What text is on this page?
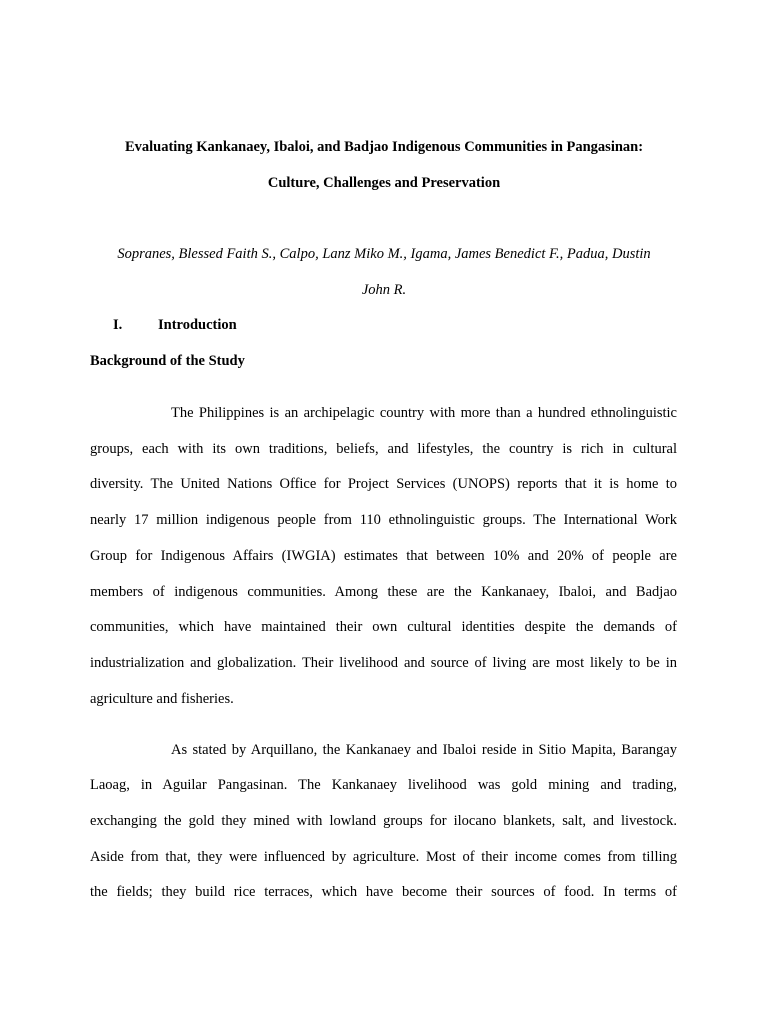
Evaluating Kankanaey, Ibaloi, and Badjao Indigenous Communities in Pangasinan:
Culture, Challenges and Preservation
Sopranes, Blessed Faith S., Calpo, Lanz Miko M., Igama, James Benedict F., Padua, Dustin
John R.
I. Introduction
Background of the Study
The Philippines is an archipelagic country with more than a hundred ethnolinguistic
groups, each with its own traditions, beliefs, and lifestyles, the country is rich in cultural
diversity. The United Nations Office for Project Services (UNOPS) reports that it is home to
nearly 17 million indigenous people from 110 ethnolinguistic groups. The International Work
Group for Indigenous Affairs (IWGIA) estimates that between 10% and 20% of people are
members of indigenous communities. Among these are the Kankanaey, Ibaloi, and Badjao
communities, which have maintained their own cultural identities despite the demands of
industrialization and globalization. Their livelihood and source of living are most likely to be in
agriculture and fisheries.
As stated by Arquillano, the Kankanaey and Ibaloi reside in Sitio Mapita, Barangay
Laoag, in Aguilar Pangasinan. The Kankanaey livelihood was gold mining and trading,
exchanging the gold they mined with lowland groups for ilocano blankets, salt, and livestock.
Aside from that, they were influenced by agriculture. Most of their income comes from tilling
the fields; they build rice terraces, which have become their sources of food. In terms of
